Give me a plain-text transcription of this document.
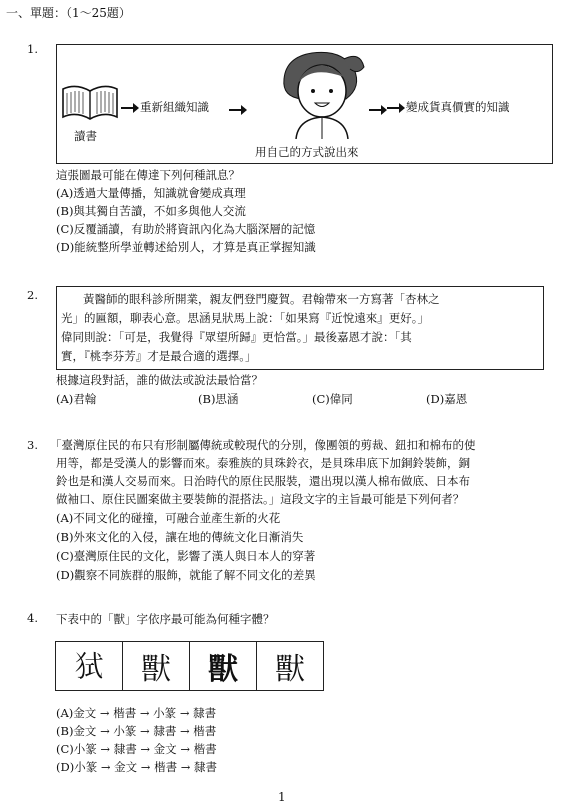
一、單題：（1～25題）
1.
讀書
重新組織知識	變成貨真價實的知識
用自己的方式說出來
這張圖最可能在傳達下列何種訊息？
(A)透過大量傳播，知識就會變成真理
(B)與其獨自苦讀，不如多與他人交流
(C)反覆誦讀，有助於將資訊內化為大腦深層的記憶
(D)能統整所學並轉述給別人，才算是真正掌握知識
2.	黃醫師的眼科診所開業，親友們登門慶賀。君翰帶來一方寫著「杏林之
光」的匾額，聊表心意。思涵見狀馬上說：「如果寫『近悅遠來』更好。」
偉同則說：「可是，我覺得『眾望所歸』更恰當。」最後嘉恩才說：「其
實，『桃李芬芳』才是最合適的選擇。」
根據這段對話，誰的做法或說法最恰當？
(A)君翰	(B)思涵	(C)偉同	(D)嘉恩
3. 「臺灣原住民的布只有形制屬傳統或較現代的分別，像團領的剪裁、鈕扣和棉布的使
用等，都是受漢人的影響而來。泰雅族的貝珠鈴衣，是貝珠串底下加銅鈴裝飾，銅
鈴也是和漢人交易而來。日治時代的原住民服裝，還出現以漢人棉布做底、日本布
做袖口、原住民圖案做主要裝飾的混搭法。」這段文字的主旨最可能是下列何者？
(A)不同文化的碰撞，可融合並產生新的火花
(B)外來文化的入侵，讓在地的傳統文化日漸消失
(C)臺灣原住民的文化，影響了漢人與日本人的穿著
(D)觀察不同族群的服飾，就能了解不同文化的差異
4. 下表中的「獸」字依序最可能為何種字體？
𤞔	獸	獸	獸
(A)金文 → 楷書 → 小篆 → 隸書
(B)金文 → 小篆 → 隸書 → 楷書
(C)小篆 → 隸書 → 金文 → 楷書
(D)小篆 → 金文 → 楷書 → 隸書
1
